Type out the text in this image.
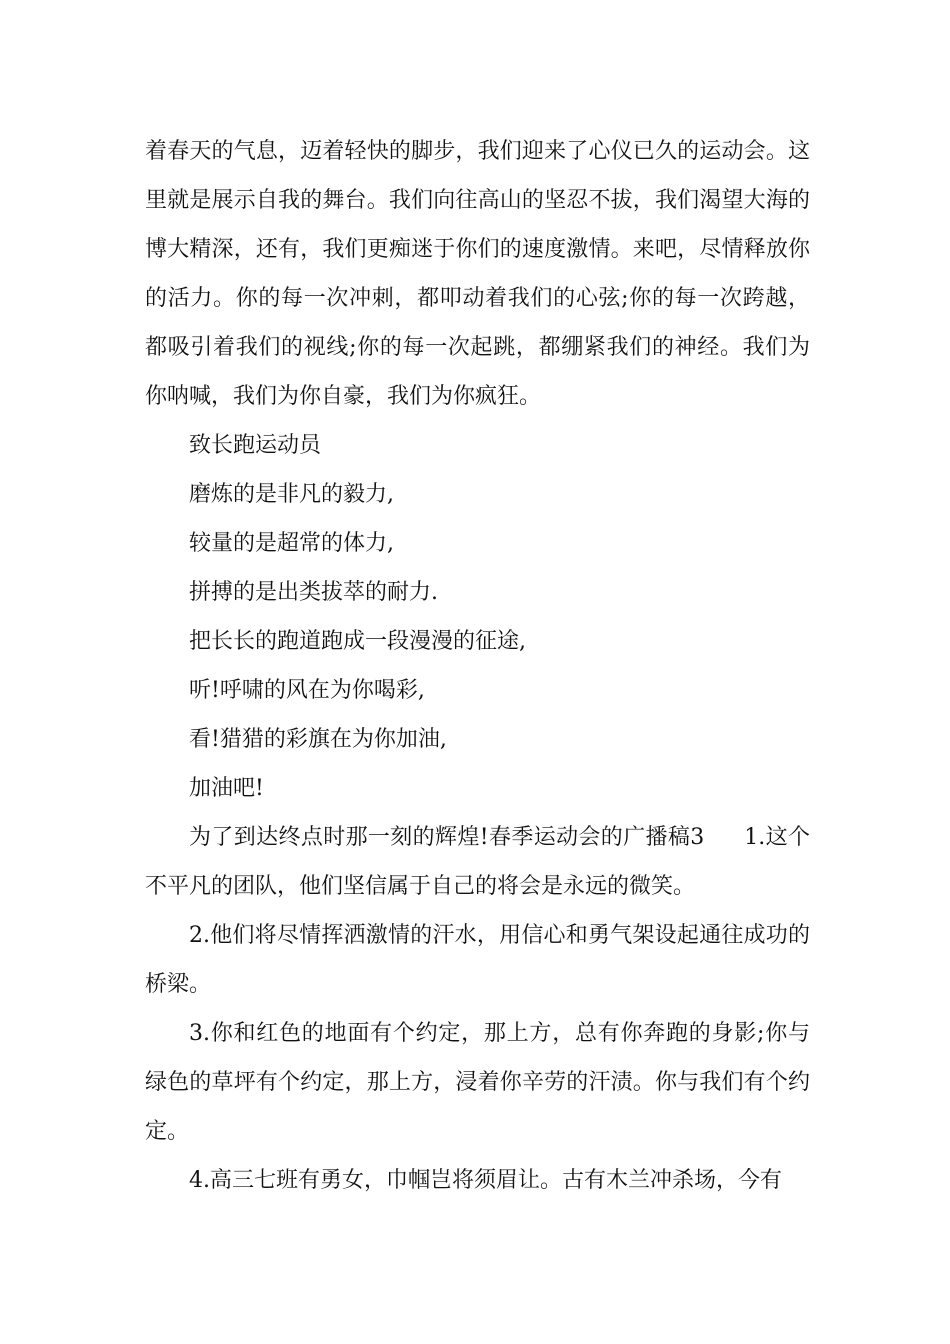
着春天的气息，迈着轻快的脚步，我们迎来了心仪已久的运动会。这里就是展示自我的舞台。我们向往高山的坚忍不拔，我们渴望大海的博大精深，还有，我们更痴迷于你们的速度激情。来吧，尽情释放你的活力。你的每一次冲刺，都叩动着我们的心弦;你的每一次跨越，都吸引着我们的视线;你的每一次起跳，都绷紧我们的神经。我们为你呐喊，我们为你自豪，我们为你疯狂。

致长跑运动员

磨炼的是非凡的毅力,

较量的是超常的体力,

拼搏的是出类拔萃的耐力.

把长长的跑道跑成一段漫漫的征途,

听!呼啸的风在为你喝彩,

看!猎猎的彩旗在为你加油,

加油吧!

为了到达终点时那一刻的辉煌!春季运动会的广播稿3 1.这个不平凡的团队，他们坚信属于自己的将会是永远的微笑。

2.他们将尽情挥洒激情的汗水，用信心和勇气架设起通往成功的桥梁。

3.你和红色的地面有个约定，那上方，总有你奔跑的身影;你与绿色的草坪有个约定，那上方，浸着你辛劳的汗渍。你与我们有个约定。

4.高三七班有勇女，巾帼岂将须眉让。古有木兰冲杀场，今有
